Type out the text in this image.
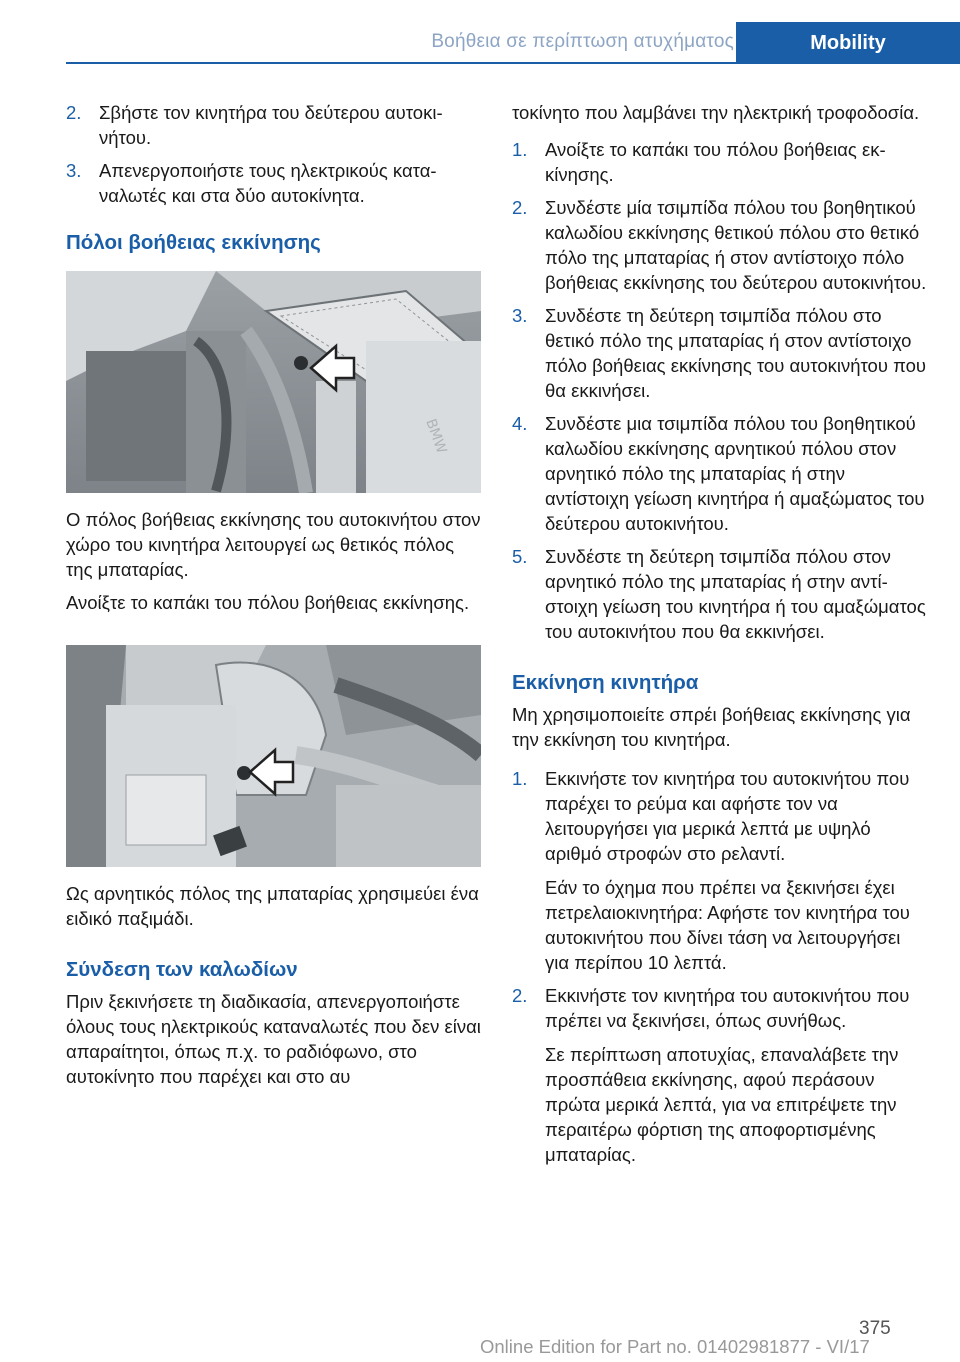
Βοήθεια σε περίπτωση ατυχήματος	Mobility
2. Σβήστε τον κινητήρα του δεύτερου αυτοκινήτου.
3. Απενεργοποιήστε τους ηλεκτρικούς καταναλωτές και στα δύο αυτοκίνητα.
Πόλοι βοήθειας εκκίνησης
BMW
Ο πόλος βοήθειας εκκίνησης του αυτοκινήτου στον χώρο του κινητήρα λειτουργεί ως θετικός πόλος της μπαταρίας.
Ανοίξτε το καπάκι του πόλου βοήθειας εκκίνησης.
Ως αρνητικός πόλος της μπαταρίας χρησιμεύει ένα ειδικό παξιμάδι.
Σύνδεση των καλωδίων
Πριν ξεκινήσετε τη διαδικασία, απενεργοποιήστε όλους τους ηλεκτρικούς καταναλωτές που δεν είναι απαραίτητοι, όπως π.χ. το ραδιόφωνο, στο αυτοκίνητο που παρέχει και στο αυ
τοκίνητο που λαμβάνει την ηλεκτρική τροφοδοσία.
1. Ανοίξτε το καπάκι του πόλου βοήθειας εκκίνησης.
2. Συνδέστε μία τσιμπίδα πόλου του βοηθητικού καλωδίου εκκίνησης θετικού πόλου στο θετικό πόλο της μπαταρίας ή στον αντίστοιχο πόλο βοήθειας εκκίνησης του δεύτερου αυτοκινήτου.
3. Συνδέστε τη δεύτερη τσιμπίδα πόλου στο θετικό πόλο της μπαταρίας ή στον αντίστοιχο πόλο βοήθειας εκκίνησης του αυτοκινήτου που θα εκκινήσει.
4. Συνδέστε μια τσιμπίδα πόλου του βοηθητικού καλωδίου εκκίνησης αρνητικού πόλου στον αρνητικό πόλο της μπαταρίας ή στην αντίστοιχη γείωση κινητήρα ή αμαξώματος του δεύτερου αυτοκινήτου.
5. Συνδέστε τη δεύτερη τσιμπίδα πόλου στον αρνητικό πόλο της μπαταρίας ή στην αντίστοιχη γείωση του κινητήρα ή του αμαξώματος του αυτοκινήτου που θα εκκινήσει.
Εκκίνηση κινητήρα
Μη χρησιμοποιείτε σπρέι βοήθειας εκκίνησης για την εκκίνηση του κινητήρα.
1. Εκκινήστε τον κινητήρα του αυτοκινήτου που παρέχει το ρεύμα και αφήστε τον να λειτουργήσει για μερικά λεπτά με υψηλό αριθμό στροφών στο ρελαντί.
Εάν το όχημα που πρέπει να ξεκινήσει έχει πετρελαιοκινητήρα: Αφήστε τον κινητήρα του αυτοκινήτου που δίνει τάση να λειτουργήσει για περίπου 10 λεπτά.
2. Εκκινήστε τον κινητήρα του αυτοκινήτου που πρέπει να ξεκινήσει, όπως συνήθως.
Σε περίπτωση αποτυχίας, επαναλάβετε την προσπάθεια εκκίνησης, αφού περάσουν πρώτα μερικά λεπτά, για να επιτρέψετε την περαιτέρω φόρτιση της αποφορτισμένης μπαταρίας.
375
Online Edition for Part no. 01402981877 - VI/17
